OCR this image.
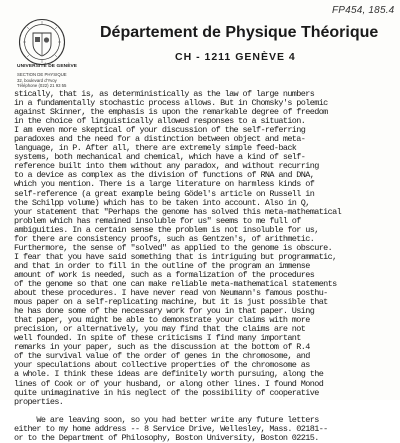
FP454, 185.4
UNIVERSITÉ DE GENÈVE
SECTION DE PHYSIQUE
32, boulevard d'Yvoy
Téléphone (022) 21 93 55
Département de Physique Théorique
CH - 1211 GENÈVE 4
stically, that is, as deterministically as the law of large numbers
in a fundamentally stochastic process allows. But in Chomsky's polemic
against Skinner, the emphasis is upon the remarkable degree of freedom
in the choice of linguistically allowed responses to a situation.
I am even more skeptical of your discussion of the self-referring
paradoxes and the need for a distinction between object and meta-
language, in P. After all, there are extremely simple feed-back
systems, both mechanical and chemical, which have a kind of self-
reference built into them without any paradox, and without recurring
to a device as complex as the division of functions of RNA and DNA,
which you mention. There is a large literature on harmless kinds of
self-reference (a great example being Gödel's article on Russell in
the Schilpp volume) which has to be taken into account. Also in Q,
your statement that "Perhaps the genome has solved this meta-mathematical
problem which has remained insoluble for us" seems to me full of
ambiguities. In a certain sense the problem is not insoluble for us,
for there are consistency proofs, such as Gentzen's, of arithmetic.
Furthermore, the sense of "solved" as applied to the genome is obscure.
I fear that you have said something that is intriguing but programmatic,
and that in order to fill in the outline of the program an immense
amount of work is needed, such as a formalization of the procedures
of the genome so that one can make reliable meta-mathematical statements
about these procedures. I have never read von Neumann's famous posthu-
mous paper on a self-replicating machine, but it is just possible that
he has done some of the necessary work for you in that paper. Using
that paper, you might be able to demonstrate your claims with more
precision, or alternatively, you may find that the claims are not
well founded. In spite of these criticisms I find many important
remarks in your paper, such as the discussion at the bottom of R.4
of the survival value of the order of genes in the chromosome, and
your speculations about collective properties of the chromosome as
a whole. I think these ideas are definitely worth pursuing, along the
lines of Cook or of your husband, or along other lines. I found Monod
quite unimaginative in his neglect of the possibility of cooperative
properties.
We are leaving soon, so you had better write any future letters
either to my home address -- 8 Service Drive, Wellesley, Mass. 02181--
or to the Department of Philosophy, Boston University, Boston 02215.
